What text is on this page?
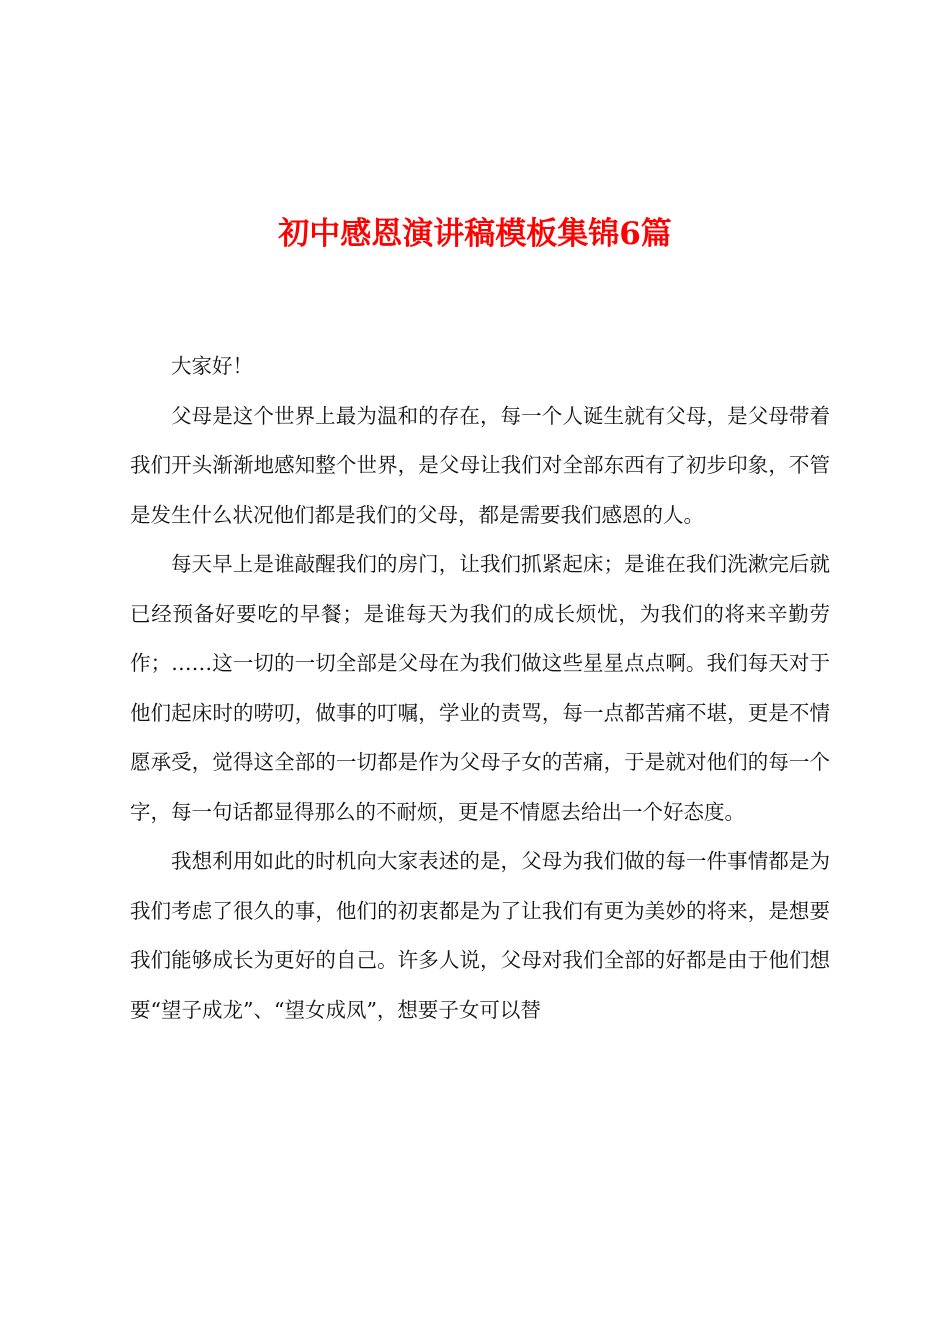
初中感恩演讲稿模板集锦6篇

大家好！

父母是这个世界上最为温和的存在，每一个人诞生就有父母，是父母带着我们开头渐渐地感知整个世界，是父母让我们对全部东西有了初步印象，不管是发生什么状况他们都是我们的父母，都是需要我们感恩的人。

每天早上是谁敲醒我们的房门，让我们抓紧起床；是谁在我们洗漱完后就已经预备好要吃的早餐；是谁每天为我们的成长烦忧，为我们的将来辛勤劳作；……这一切的一切全部是父母在为我们做这些星星点点啊。我们每天对于他们起床时的唠叨，做事的叮嘱，学业的责骂，每一点都苦痛不堪，更是不情愿承受，觉得这全部的一切都是作为父母子女的苦痛，于是就对他们的每一个字，每一句话都显得那么的不耐烦，更是不情愿去给出一个好态度。

我想利用如此的时机向大家表述的是，父母为我们做的每一件事情都是为我们考虑了很久的事，他们的初衷都是为了让我们有更为美妙的将来，是想要我们能够成长为更好的自己。许多人说，父母对我们全部的好都是由于他们想要“望子成龙”、“望女成凤”，想要子女可以替
